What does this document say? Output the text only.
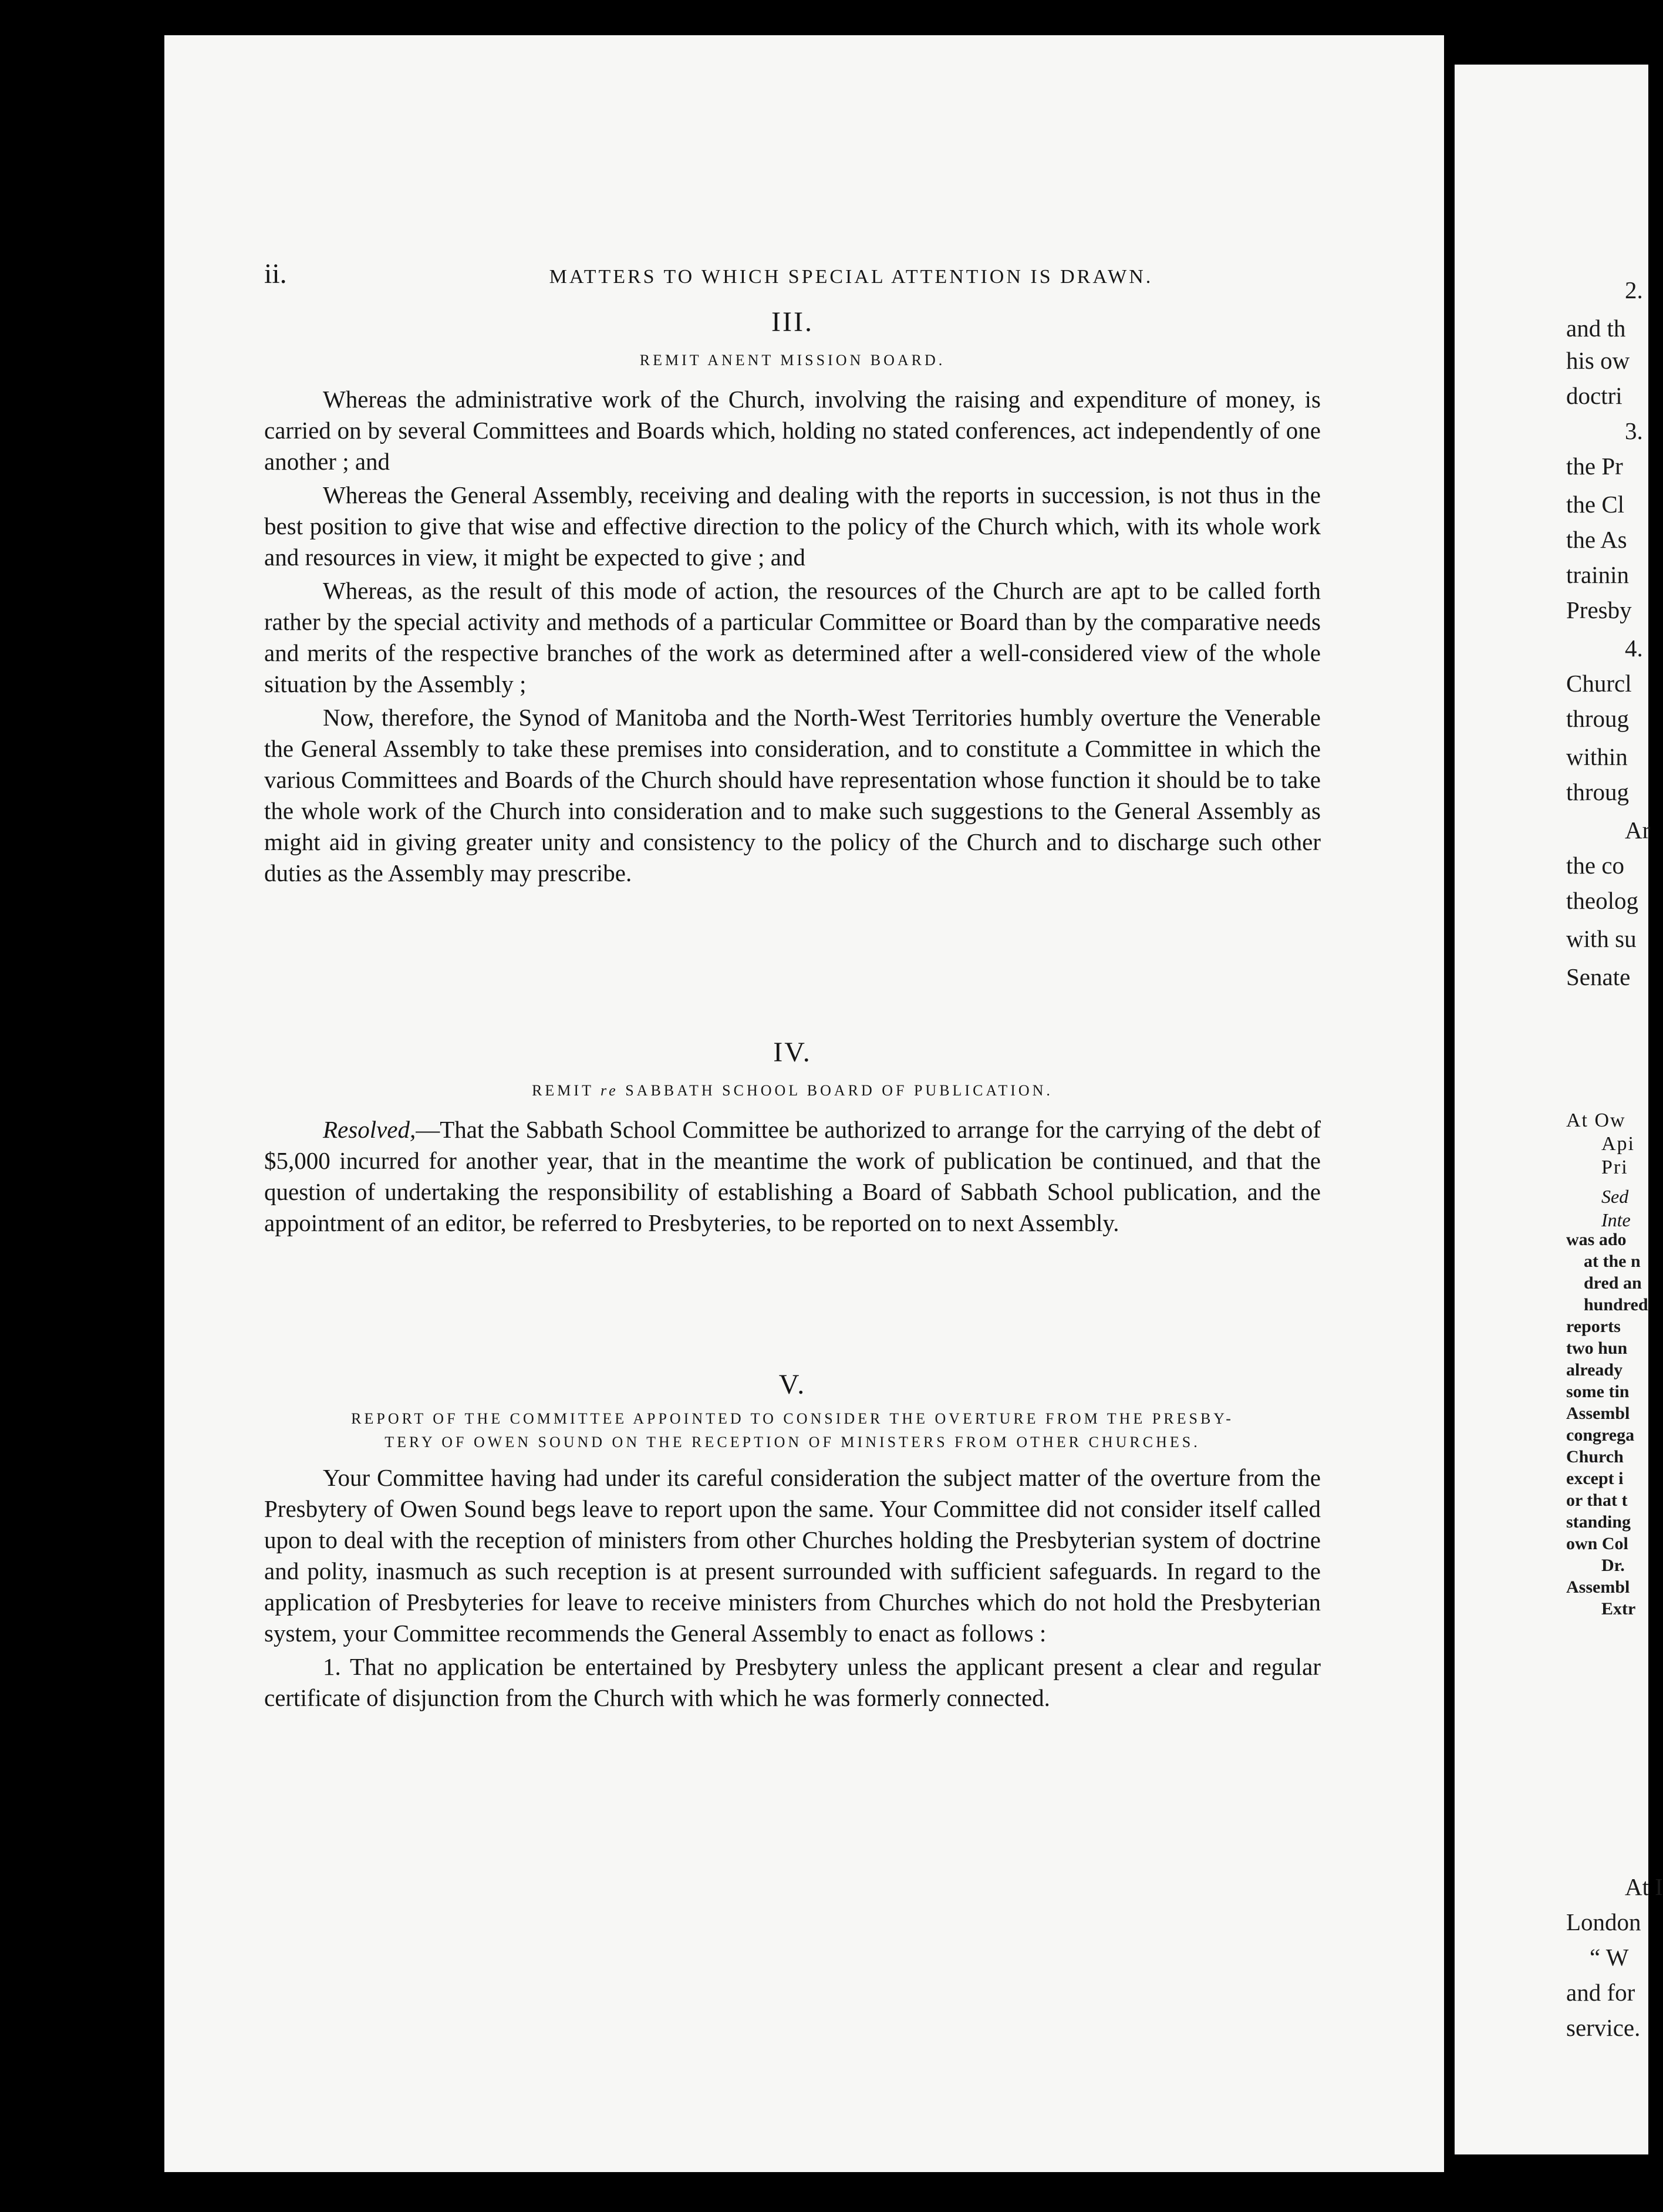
ii.	MATTERS TO WHICH SPECIAL ATTENTION IS DRAWN.
III.
REMIT ANENT MISSION BOARD.

Whereas the administrative work of the Church, involving the raising and expenditure of money, is carried on by several Committees and Boards which, holding no stated conferences, act independently of one another ; and

Whereas the General Assembly, receiving and dealing with the reports in succession, is not thus in the best position to give that wise and effective direction to the policy of the Church which, with its whole work and resources in view, it might be expected to give ; and

Whereas, as the result of this mode of action, the resources of the Church are apt to be called forth rather by the special activity and methods of a particular Committee or Board than by the comparative needs and merits of the respective branches of the work as determined after a well-considered view of the whole situation by the Assembly ;

Now, therefore, the Synod of Manitoba and the North-West Territories humbly overture the Venerable the General Assembly to take these premises into consideration, and to constitute a Committee in which the various Committees and Boards of the Church should have representation whose function it should be to take the whole work of the Church into consideration and to make such suggestions to the General Assembly as might aid in giving greater unity and consistency to the policy of the Church and to discharge such other duties as the Assembly may prescribe.

IV.
REMIT re SABBATH SCHOOL BOARD OF PUBLICATION.

Resolved,—That the Sabbath School Committee be authorized to arrange for the carrying of the debt of $5,000 incurred for another year, that in the meantime the work of publication be continued, and that the question of undertaking the responsibility of establishing a Board of Sabbath School publication, and the appointment of an editor, be referred to Presbyteries, to be reported on to next Assembly.

V.
REPORT OF THE COMMITTEE APPOINTED TO CONSIDER THE OVERTURE FROM THE PRESBY-
TERY OF OWEN SOUND ON THE RECEPTION OF MINISTERS FROM OTHER CHURCHES.

Your Committee having had under its careful consideration the subject matter of the overture from the Presbytery of Owen Sound begs leave to report upon the same. Your Committee did not consider itself called upon to deal with the reception of ministers from other Churches holding the Presbyterian system of doctrine and polity, inasmuch as such reception is at present surrounded with sufficient safeguards. In regard to the application of Presbyteries for leave to receive ministers from Churches which do not hold the Presbyterian system, your Committee recommends the General Assembly to enact as follows :

1. That no application be entertained by Presbytery unless the applicant present a clear and regular certificate of disjunction from the Church with which he was formerly connected.

2.
and th
his ow
doctri
3.
the Pr
the Cl
the As
trainin
Presby
4.
Churcl
throug
within
throug
Ar
the co
theolog
with su
Senate
At Ow
Api
Pri
Sed
Inte
was ado
at the n
dred an
hundred
reports
two hun
already
some tin
Assembl
congrega
Church
except i
or that t
standing
own Col
Dr.
Assembl
Extr
At I
London
“ W
and for
service.
